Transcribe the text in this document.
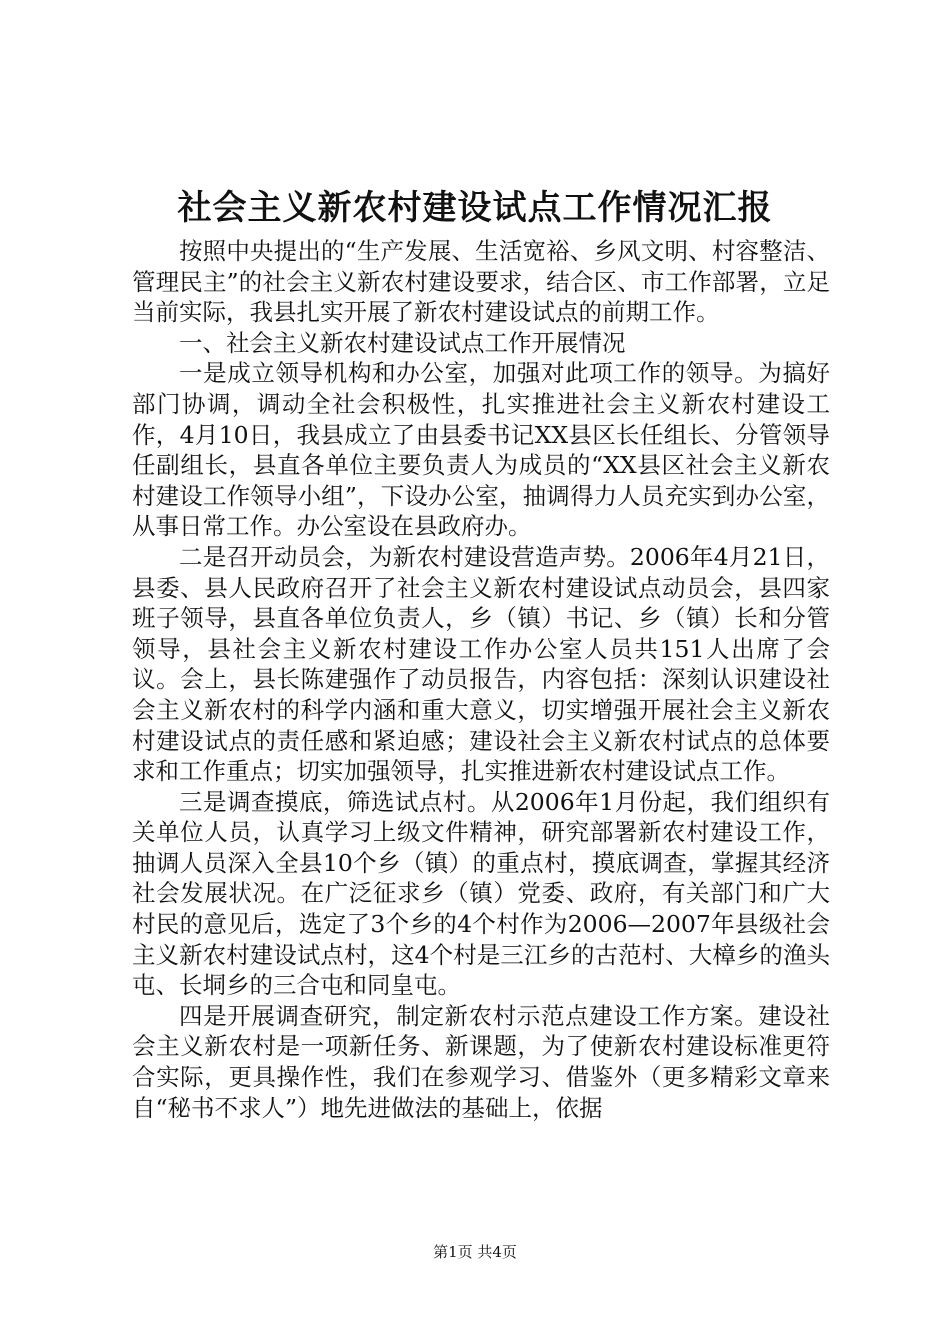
社会主义新农村建设试点工作情况汇报

按照中央提出的“生产发展、生活宽裕、乡风文明、村容整洁、管理民主”的社会主义新农村建设要求，结合区、市工作部署，立足当前实际，我县扎实开展了新农村建设试点的前期工作。

一、社会主义新农村建设试点工作开展情况

一是成立领导机构和办公室，加强对此项工作的领导。为搞好部门协调，调动全社会积极性，扎实推进社会主义新农村建设工作，4月10日，我县成立了由县委书记XX县区长任组长、分管领导任副组长，县直各单位主要负责人为成员的“XX县区社会主义新农村建设工作领导小组”，下设办公室，抽调得力人员充实到办公室，从事日常工作。办公室设在县政府办。

二是召开动员会，为新农村建设营造声势。2006年4月21日，县委、县人民政府召开了社会主义新农村建设试点动员会，县四家班子领导，县直各单位负责人，乡（镇）书记、乡（镇）长和分管领导，县社会主义新农村建设工作办公室人员共151人出席了会议。会上，县长陈建强作了动员报告，内容包括：深刻认识建设社会主义新农村的科学内涵和重大意义，切实增强开展社会主义新农村建设试点的责任感和紧迫感；建设社会主义新农村试点的总体要求和工作重点；切实加强领导，扎实推进新农村建设试点工作。

三是调查摸底，筛选试点村。从2006年1月份起，我们组织有关单位人员，认真学习上级文件精神，研究部署新农村建设工作，抽调人员深入全县10个乡（镇）的重点村，摸底调查，掌握其经济社会发展状况。在广泛征求乡（镇）党委、政府，有关部门和广大村民的意见后，选定了3个乡的4个村作为2006—2007年县级社会主义新农村建设试点村，这4个村是三江乡的古范村、大樟乡的渔头屯、长垌乡的三合屯和同皇屯。

四是开展调查研究，制定新农村示范点建设工作方案。建设社会主义新农村是一项新任务、新课题，为了使新农村建设标准更符合实际，更具操作性，我们在参观学习、借鉴外（更多精彩文章来自“秘书不求人”）地先进做法的基础上，依据

第1页 共4页
